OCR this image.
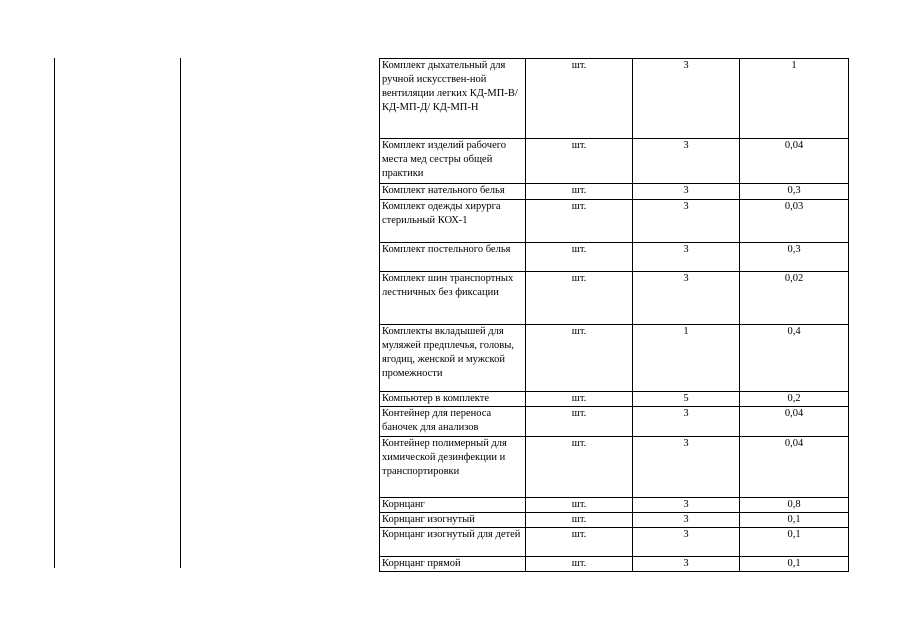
Комплект дыхательный для ручной искусствен-ной вентиляции легких КД-МП-В/ КД-МП-Д/ КД-МП-Н	шт.	3	1
Комплект изделий рабочего места мед сестры общей практики	шт.	3	0,04
Комплект нательного белья	шт.	3	0,3
Комплект одежды хирурга стерильный КОХ-1	шт.	3	0,03
Комплект постельного белья	шт.	3	0,3
Комплект шин транспортных лестничных без фиксации	шт.	3	0,02
Комплекты вкладышей для муляжей предплечья, головы, ягодиц, женской и мужской промежности	шт.	1	0,4
Компьютер в комплекте	шт.	5	0,2
Контейнер для переноса баночек для анализов	шт.	3	0,04
Контейнер полимерный для химической дезинфекции и транспортировки	шт.	3	0,04
Корнцанг	шт.	3	0,8
Корнцанг изогнутый	шт.	3	0,1
Корнцанг изогнутый для детей	шт.	3	0,1
Корнцанг прямой	шт.	3	0,1
